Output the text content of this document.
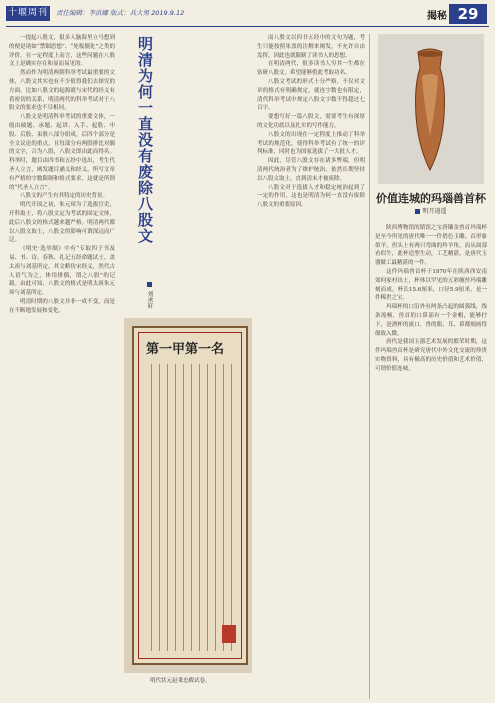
十堰周刊	责任编辑：李洪娜 版式：兵大男 2019.9.12	揭秘 29

一提起八股文，很多人脑海里立马想到的便是诸如“禁锢思想”、“死板僵化”之类的评价，在一定程度上而言，这些问题在八股文上是确实存在和显而易见的。

然而作为明清两朝科举考试最重要的文体，八股文其实也有不少值得我们去探究的方面。比如八股文的起源就与宋代的经义有着密切的关系，明清两代的科举考试对于八股文的要求也不尽相同。

八股文是明清科举考试的重要文体，一般由破题、承题、起讲、入手、起股、中股、后股、束股八部分组成，后四个部分是全文议论的重点，且每部分有两股排比对偶的文字，合为八股，八股文即由此而得名。科举时，题目由四书和五经中选出，考生代圣人立言，阐发题目涵义和经义，所写文章有严格的字数限制和格式要求，这就是所谓的“代圣人立言”。

八股文的产生有其特定的历史背景。

明代开国之初，朱元璋为了选拔官吏，开科取士，将八股文定为考试的固定文体，此后八股文的格式越来越严格。明清两代都以八股文取士，八股文的影响可谓深远而广泛。

《明史·选举制》中有“专取四子书及易、书、诗、春秋、礼记五经命题试士，盖太祖与刘基所定，其文略仿宋经义，然代古人语气为之，体用排偶，谓之八股”的记载。由此可知，八股文的格式是明太祖朱元璋与刘基所定。

明清时期的八股文并非一成不变，而是在不断地发展和变化。

明清为何一直没有废除八股文
刘承轩
第一甲第一名
明代状元赵秉忠殿试卷。

而八股文以四书五经中的文句为题，考生只能按照朱熹的注解来阐发，不允许自由发挥，因此也就限制了读书人的思想。

在明清两代，很多读书人穷其一生都在钻研八股文，希望能够借此考取功名。

八股文考试的形式十分严格，不仅对文章的格式有明确规定，就连字数也有限定，清代科举考试中规定八股文字数不得超过七百字。

要想写好一篇八股文，需要考生有深厚的文化功底以及扎实的写作能力。

八股文的出现在一定程度上推动了科举考试的规范化，使得科举考试有了统一的评判标准，同时也为国家选拔了一大批人才。

因此，尽管八股文存在诸多弊端，但明清两代统治者为了维护统治，依然长期坚持以八股文取士，直到清末才被废除。

八股文对于选拔人才和稳定统治起到了一定的作用，这也是明清为何一直没有废除八股文的重要原因。

价值连城的玛瑙兽首杯
明月逍遥

陕西博物馆的镇馆之宝唐镶金兽首玛瑙杯是至今所见的唐代唯一一件俏色玉雕。首形象似羊，但头上有两只弯曲的羚羊角，而从面部看似牛，此杯造型生动，工艺精湛，是唐代玉器做工最精湛的一件。

这件玛瑙兽首杯于1970年在陕西西安南郊何家村出土，杯体以罕见的五彩缠丝玛瑙雕刻而成，杯长15.6厘米，口径5.9厘米，是一件稀世之宝。

玛瑙杯的口沿外有两条凸起的圆弧线，线条流畅，兽首的口鼻部有一个金帽，能够拧下，是酒杯的流口，兽的眼、耳、鼻都刻画得细致入微。

唐代是我国玉器艺术发展的繁荣时期，这件玛瑙兽首杯是研究唐代中外文化交流的珍贵实物资料，具有极高的历史价值和艺术价值，可谓价值连城。
